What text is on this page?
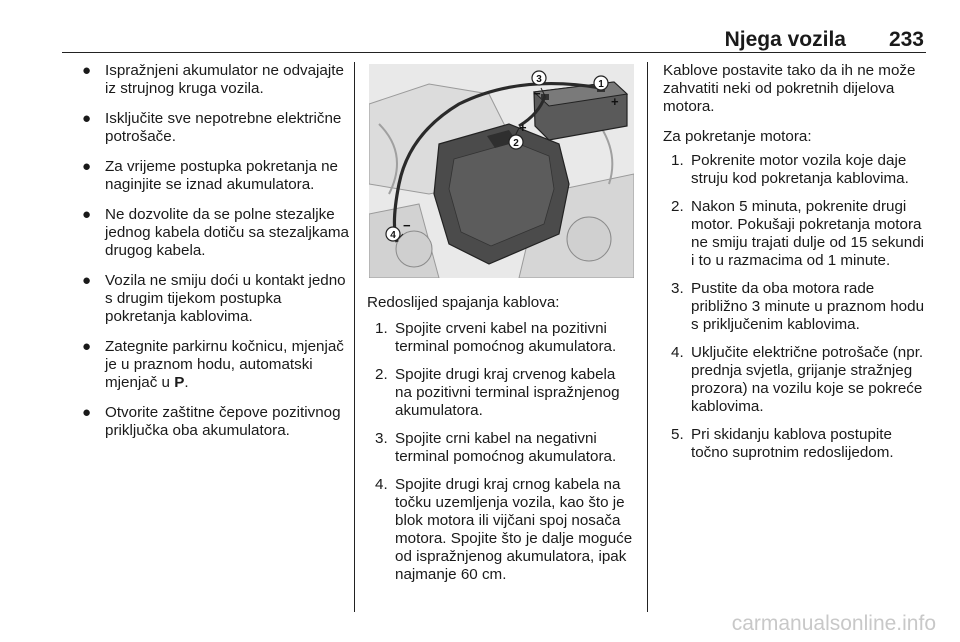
Njega vozila 233
● Ispražnjeni akumulator ne odvajajte iz strujnog kruga vozila.
● Isključite sve nepotrebne električne potrošače.
● Za vrijeme postupka pokretanja ne naginjite se iznad akumulatora.
● Ne dozvolite da se polne stezaljke jednog kabela dotiču sa stezaljkama drugog kabela.
● Vozila ne smiju doći u kontakt jedno s drugim tijekom postupka pokretanja kablovima.
● Zategnite parkirnu kočnicu, mjenjač je u praznom hodu, automatski mjenjač u P.
● Otvorite zaštitne čepove pozitivnog priključka oba akumulatora.
1
+
3
−
2
+
4
−

Redoslijed spajanja kablova:

1. Spojite crveni kabel na pozitivni terminal pomoćnog akumulatora.
2. Spojite drugi kraj crvenog kabela na pozitivni terminal ispražnjenog akumulatora.
3. Spojite crni kabel na negativni terminal pomoćnog akumulatora.
4. Spojite drugi kraj crnog kabela na točku uzemljenja vozila, kao što je blok motora ili vijčani spoj nosača motora. Spojite što je dalje moguće od ispražnjenog akumulatora, ipak najmanje 60 cm.

Kablove postavite tako da ih ne može zahvatiti neki od pokretnih dijelova motora.

Za pokretanje motora:

1. Pokrenite motor vozila koje daje struju kod pokretanja kablovima.
2. Nakon 5 minuta, pokrenite drugi motor. Pokušaji pokretanja motora ne smiju trajati dulje od 15 sekundi i to u razmacima od 1 minute.
3. Pustite da oba motora rade približno 3 minute u praznom hodu s priključenim kablovima.
4. Uključite električne potrošače (npr. prednja svjetla, grijanje stražnjeg prozora) na vozilu koje se pokreće kablovima.
5. Pri skidanju kablova postupite točno suprotnim redoslijedom.
carmanualsonline.info
